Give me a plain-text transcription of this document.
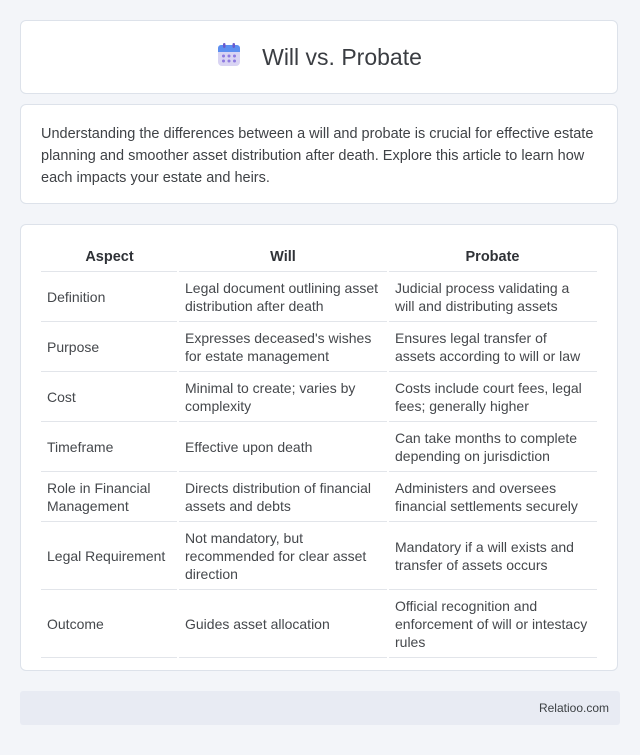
Will vs. Probate

Understanding the differences between a will and probate is crucial for effective estate planning and smoother asset distribution after death. Explore this article to learn how each impacts your estate and heirs.

Aspect	Will	Probate
Definition	Legal document outlining asset distribution after death	Judicial process validating a will and distributing assets
Purpose	Expresses deceased's wishes for estate management	Ensures legal transfer of assets according to will or law
Cost	Minimal to create; varies by complexity	Costs include court fees, legal fees; generally higher
Timeframe	Effective upon death	Can take months to complete depending on jurisdiction
Role in Financial Management	Directs distribution of financial assets and debts	Administers and oversees financial settlements securely
Legal Requirement	Not mandatory, but recommended for clear asset direction	Mandatory if a will exists and transfer of assets occurs
Outcome	Guides asset allocation	Official recognition and enforcement of will or intestacy rules
Relatioo.com
